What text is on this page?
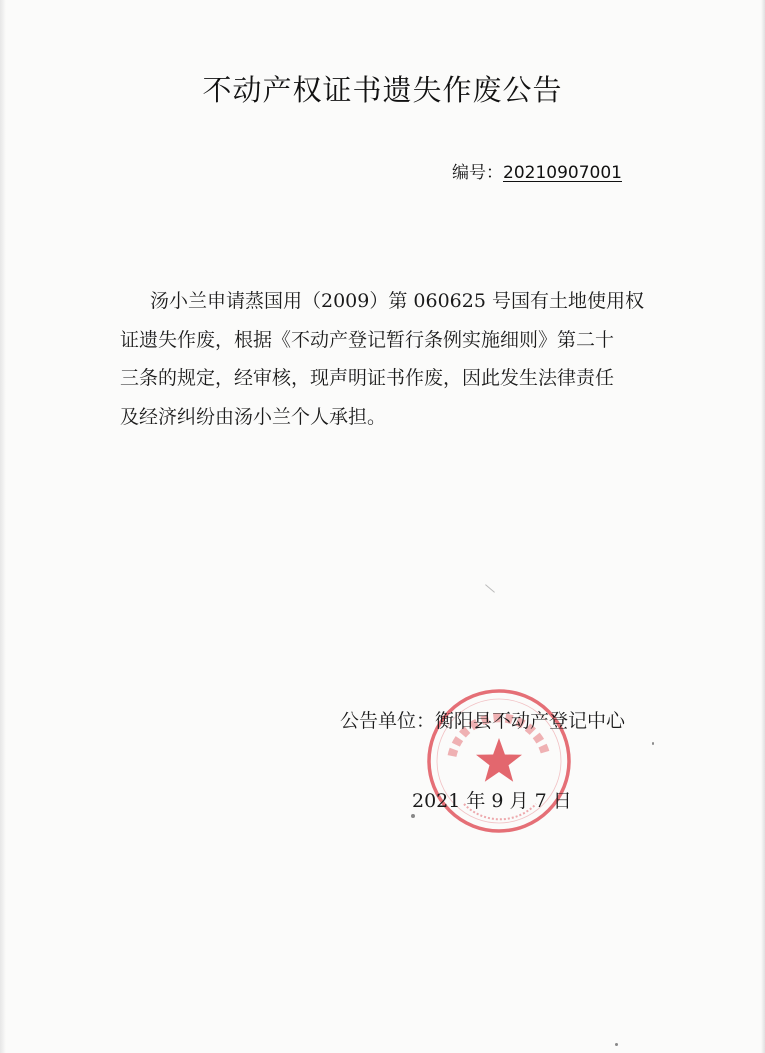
不动产权证书遗失作废公告
编号：20210907001
汤小兰申请蒸国用（2009）第 060625 号国有土地使用权
证遗失作废，根据《不动产登记暂行条例实施细则》第二十
三条的规定，经审核，现声明证书作废，因此发生法律责任
及经济纠纷由汤小兰个人承担。
公告单位：衡阳县不动产登记中心
2021 年 9 月 7 日
